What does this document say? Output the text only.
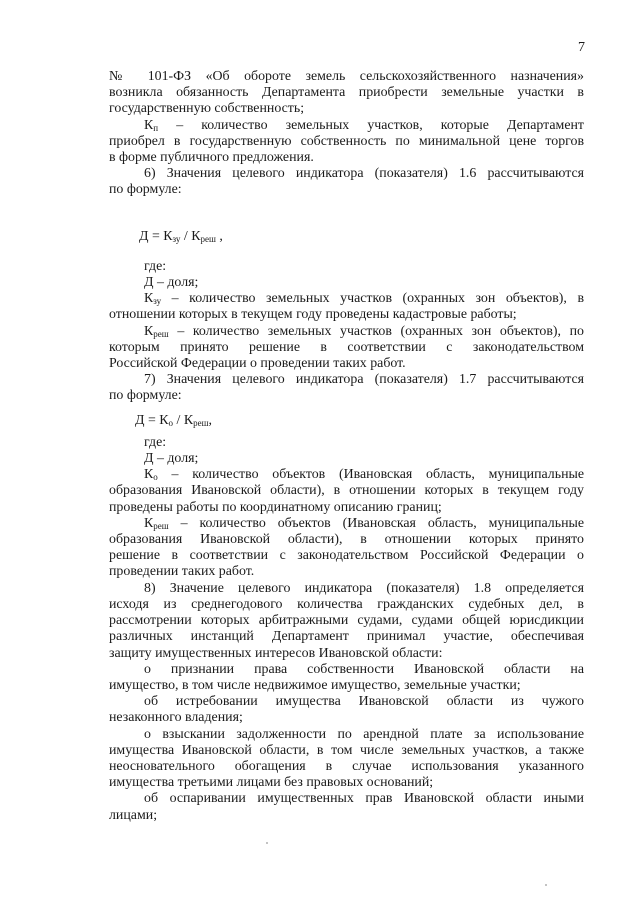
7

№ 101-ФЗ «Об обороте земель сельскохозяйственного назначения»
возникла обязанность Департамента приобрести земельные участки в
государственную собственность;

$К_п$ – количество земельных участков, которые Департамент
приобрел в государственную собственность по минимальной цене торгов
в форме публичного предложения.

6) Значения целевого индикатора (показателя) 1.6 рассчитываются
по формуле:

$Д = К_{зу} / К_{реш}$ ,

где:

Д – доля;

$К_{зу}$ – количество земельных участков (охранных зон объектов), в
отношении которых в текущем году проведены кадастровые работы;

$К_{реш}$ – количество земельных участков (охранных зон объектов), по
которым принято решение в соответствии с законодательством
Российской Федерации о проведении таких работ.

7) Значения целевого индикатора (показателя) 1.7 рассчитываются
по формуле:

$Д = К_о / К_{реш}$,

где:

Д – доля;

$К_о$ – количество объектов (Ивановская область, муниципальные
образования Ивановской области), в отношении которых в текущем году
проведены работы по координатному описанию границ;

$К_{реш}$ – количество объектов (Ивановская область, муниципальные
образования Ивановской области), в отношении которых принято
решение в соответствии с законодательством Российской Федерации о
проведении таких работ.

8) Значение целевого индикатора (показателя) 1.8 определяется
исходя из среднегодового количества гражданских судебных дел, в
рассмотрении которых арбитражными судами, судами общей юрисдикции
различных инстанций Департамент принимал участие, обеспечивая
защиту имущественных интересов Ивановской области:

о признании права собственности Ивановской области на
имущество, в том числе недвижимое имущество, земельные участки;

об истребовании имущества Ивановской области из чужого
незаконного владения;

о взыскании задолженности по арендной плате за использование
имущества Ивановской области, в том числе земельных участков, а также
неосновательного обогащения в случае использования указанного
имущества третьими лицами без правовых оснований;

об оспаривании имущественных прав Ивановской области иными
лицами;
